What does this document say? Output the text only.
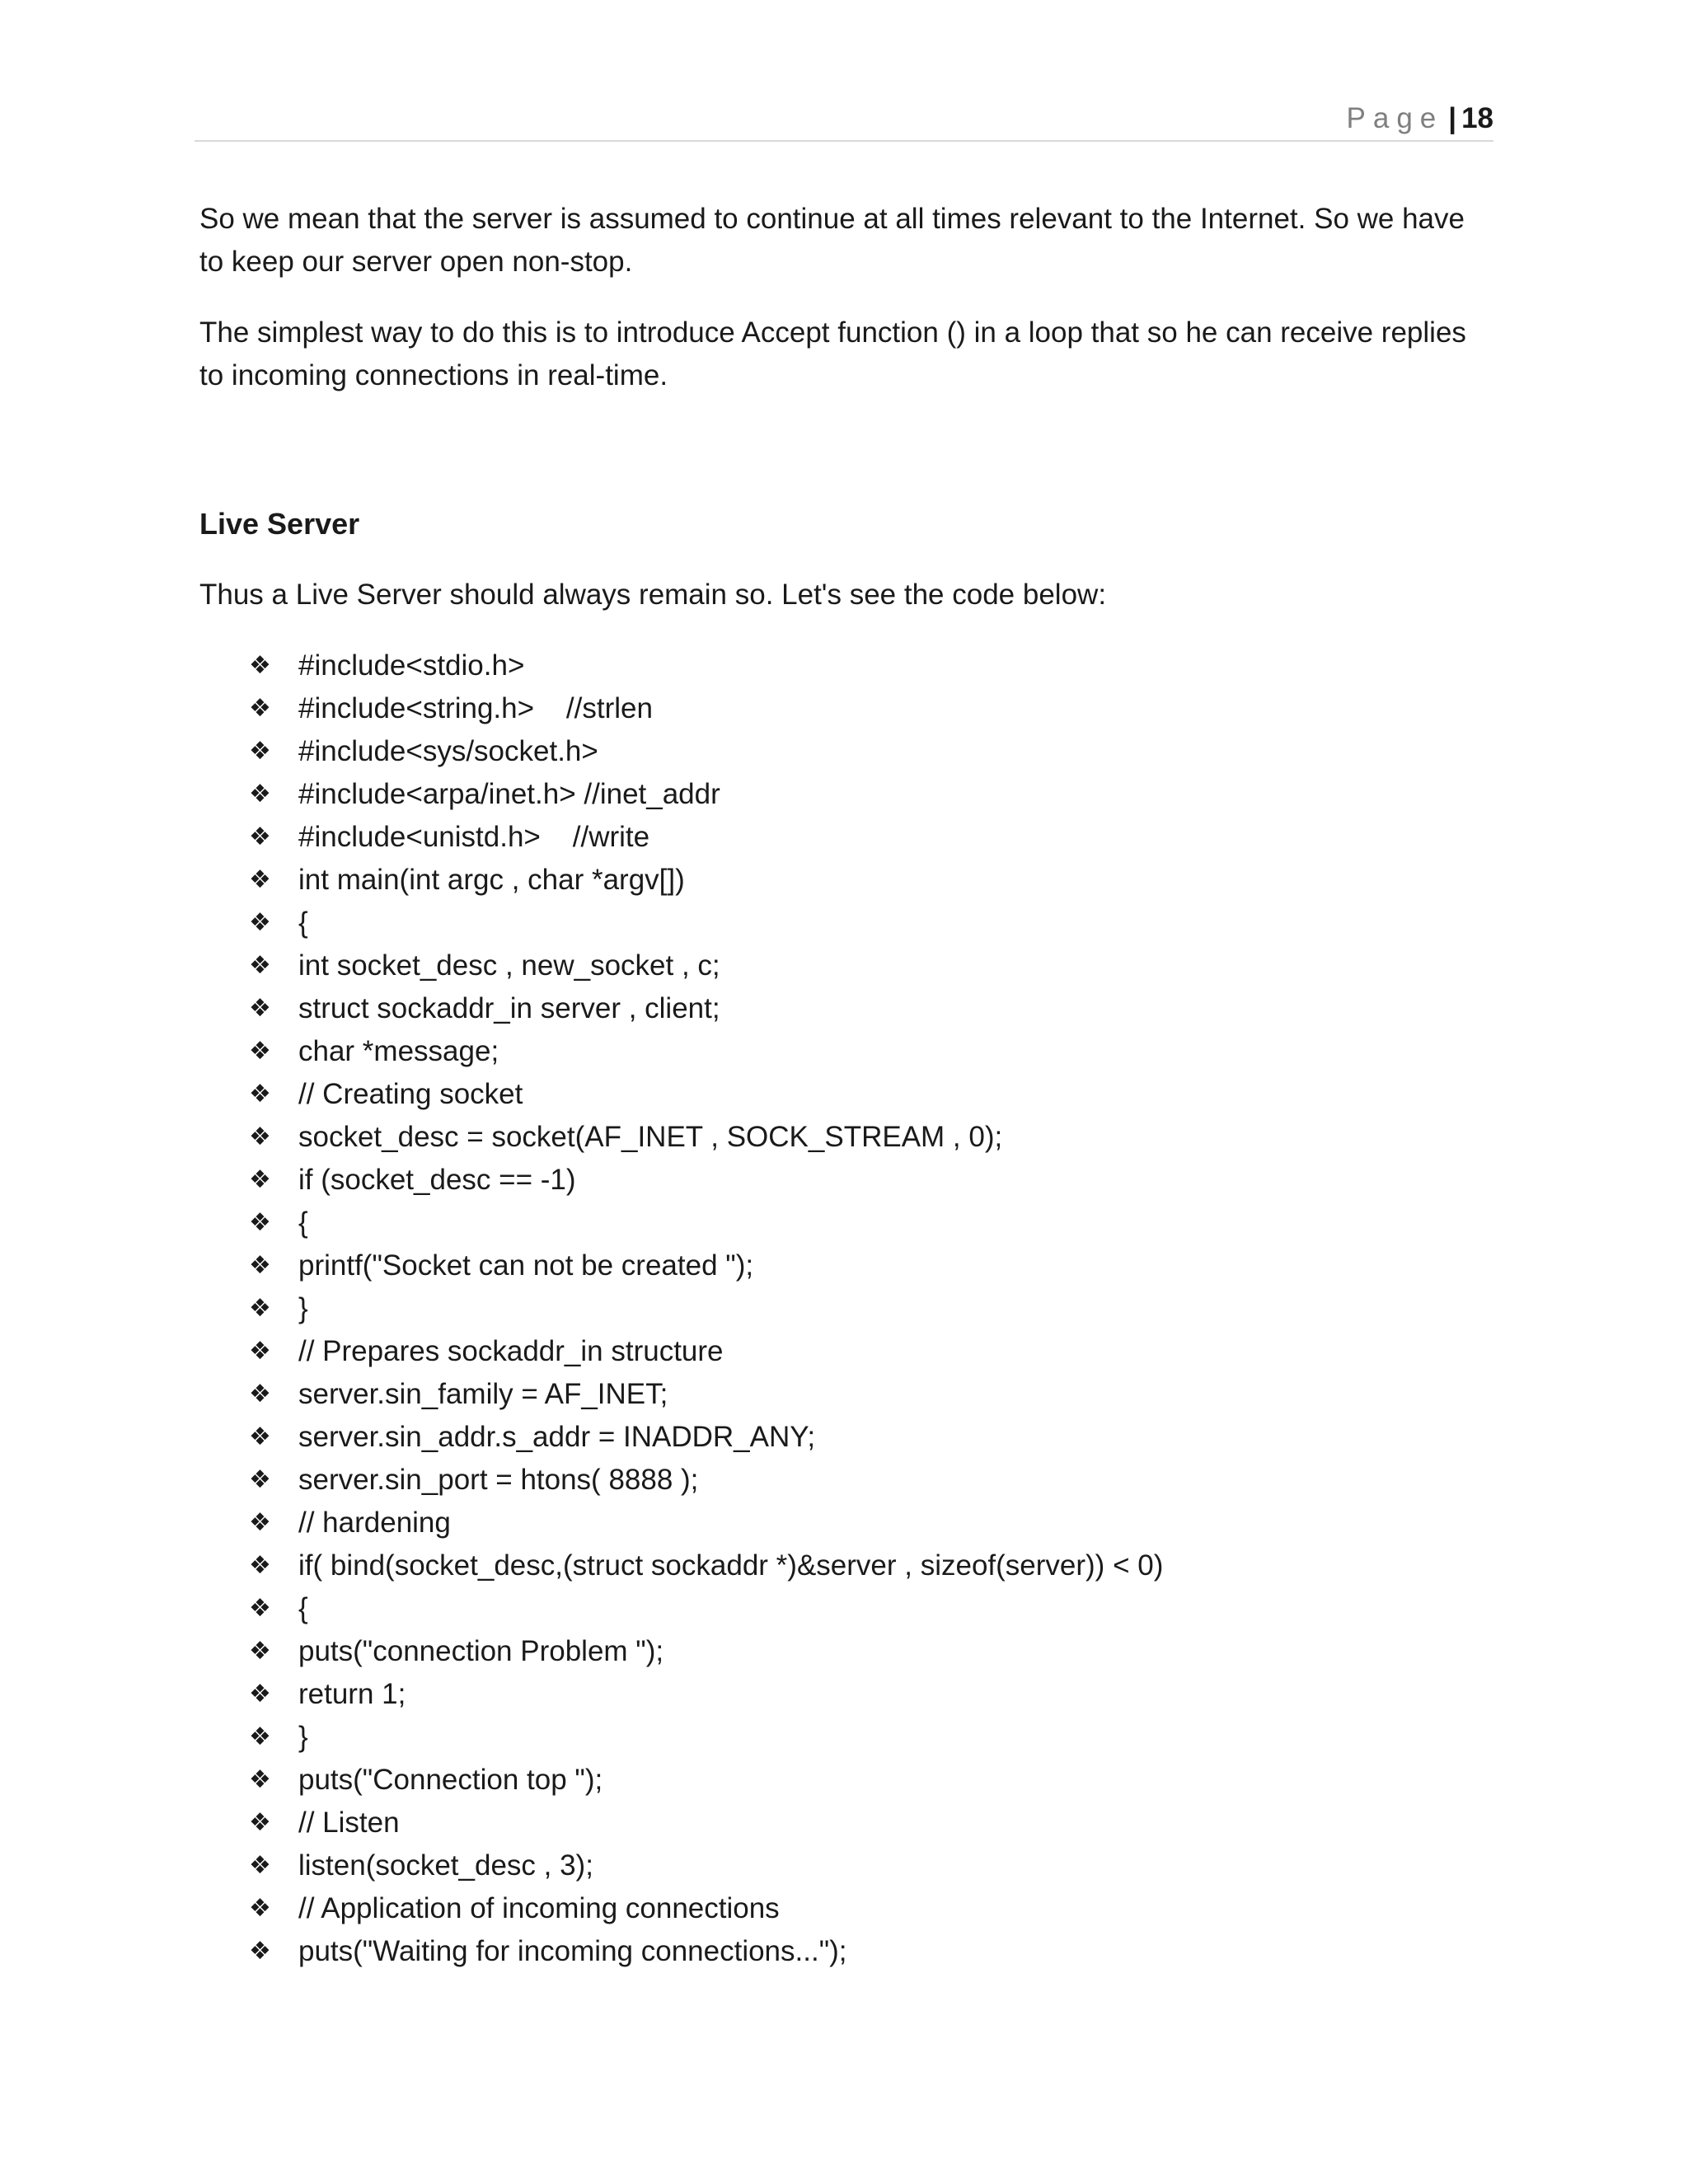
Page | 18

So we mean that the server is assumed to continue at all times relevant to the Internet. So we have to keep our server open non-stop.

The simplest way to do this is to introduce Accept function () in a loop that so he can receive replies to incoming connections in real-time.

Live Server

Thus a Live Server should always remain so. Let's see the code below:

❖ #include<stdio.h>
❖ #include<string.h>    //strlen
❖ #include<sys/socket.h>
❖ #include<arpa/inet.h> //inet_addr
❖ #include<unistd.h>    //write
❖ int main(int argc , char *argv[])
❖ {
❖ int socket_desc , new_socket , c;
❖ struct sockaddr_in server , client;
❖ char *message;
❖ // Creating socket
❖ socket_desc = socket(AF_INET , SOCK_STREAM , 0);
❖ if (socket_desc == -1)
❖ {
❖ printf("Socket can not be created ");
❖ }
❖ // Prepares sockaddr_in structure
❖ server.sin_family = AF_INET;
❖ server.sin_addr.s_addr = INADDR_ANY;
❖ server.sin_port = htons( 8888 );
❖ // hardening
❖ if( bind(socket_desc,(struct sockaddr *)&server , sizeof(server)) < 0)
❖ {
❖ puts("connection Problem ");
❖ return 1;
❖ }
❖ puts("Connection top ");
❖ // Listen
❖ listen(socket_desc , 3);
❖ // Application of incoming connections
❖ puts("Waiting for incoming connections...");
